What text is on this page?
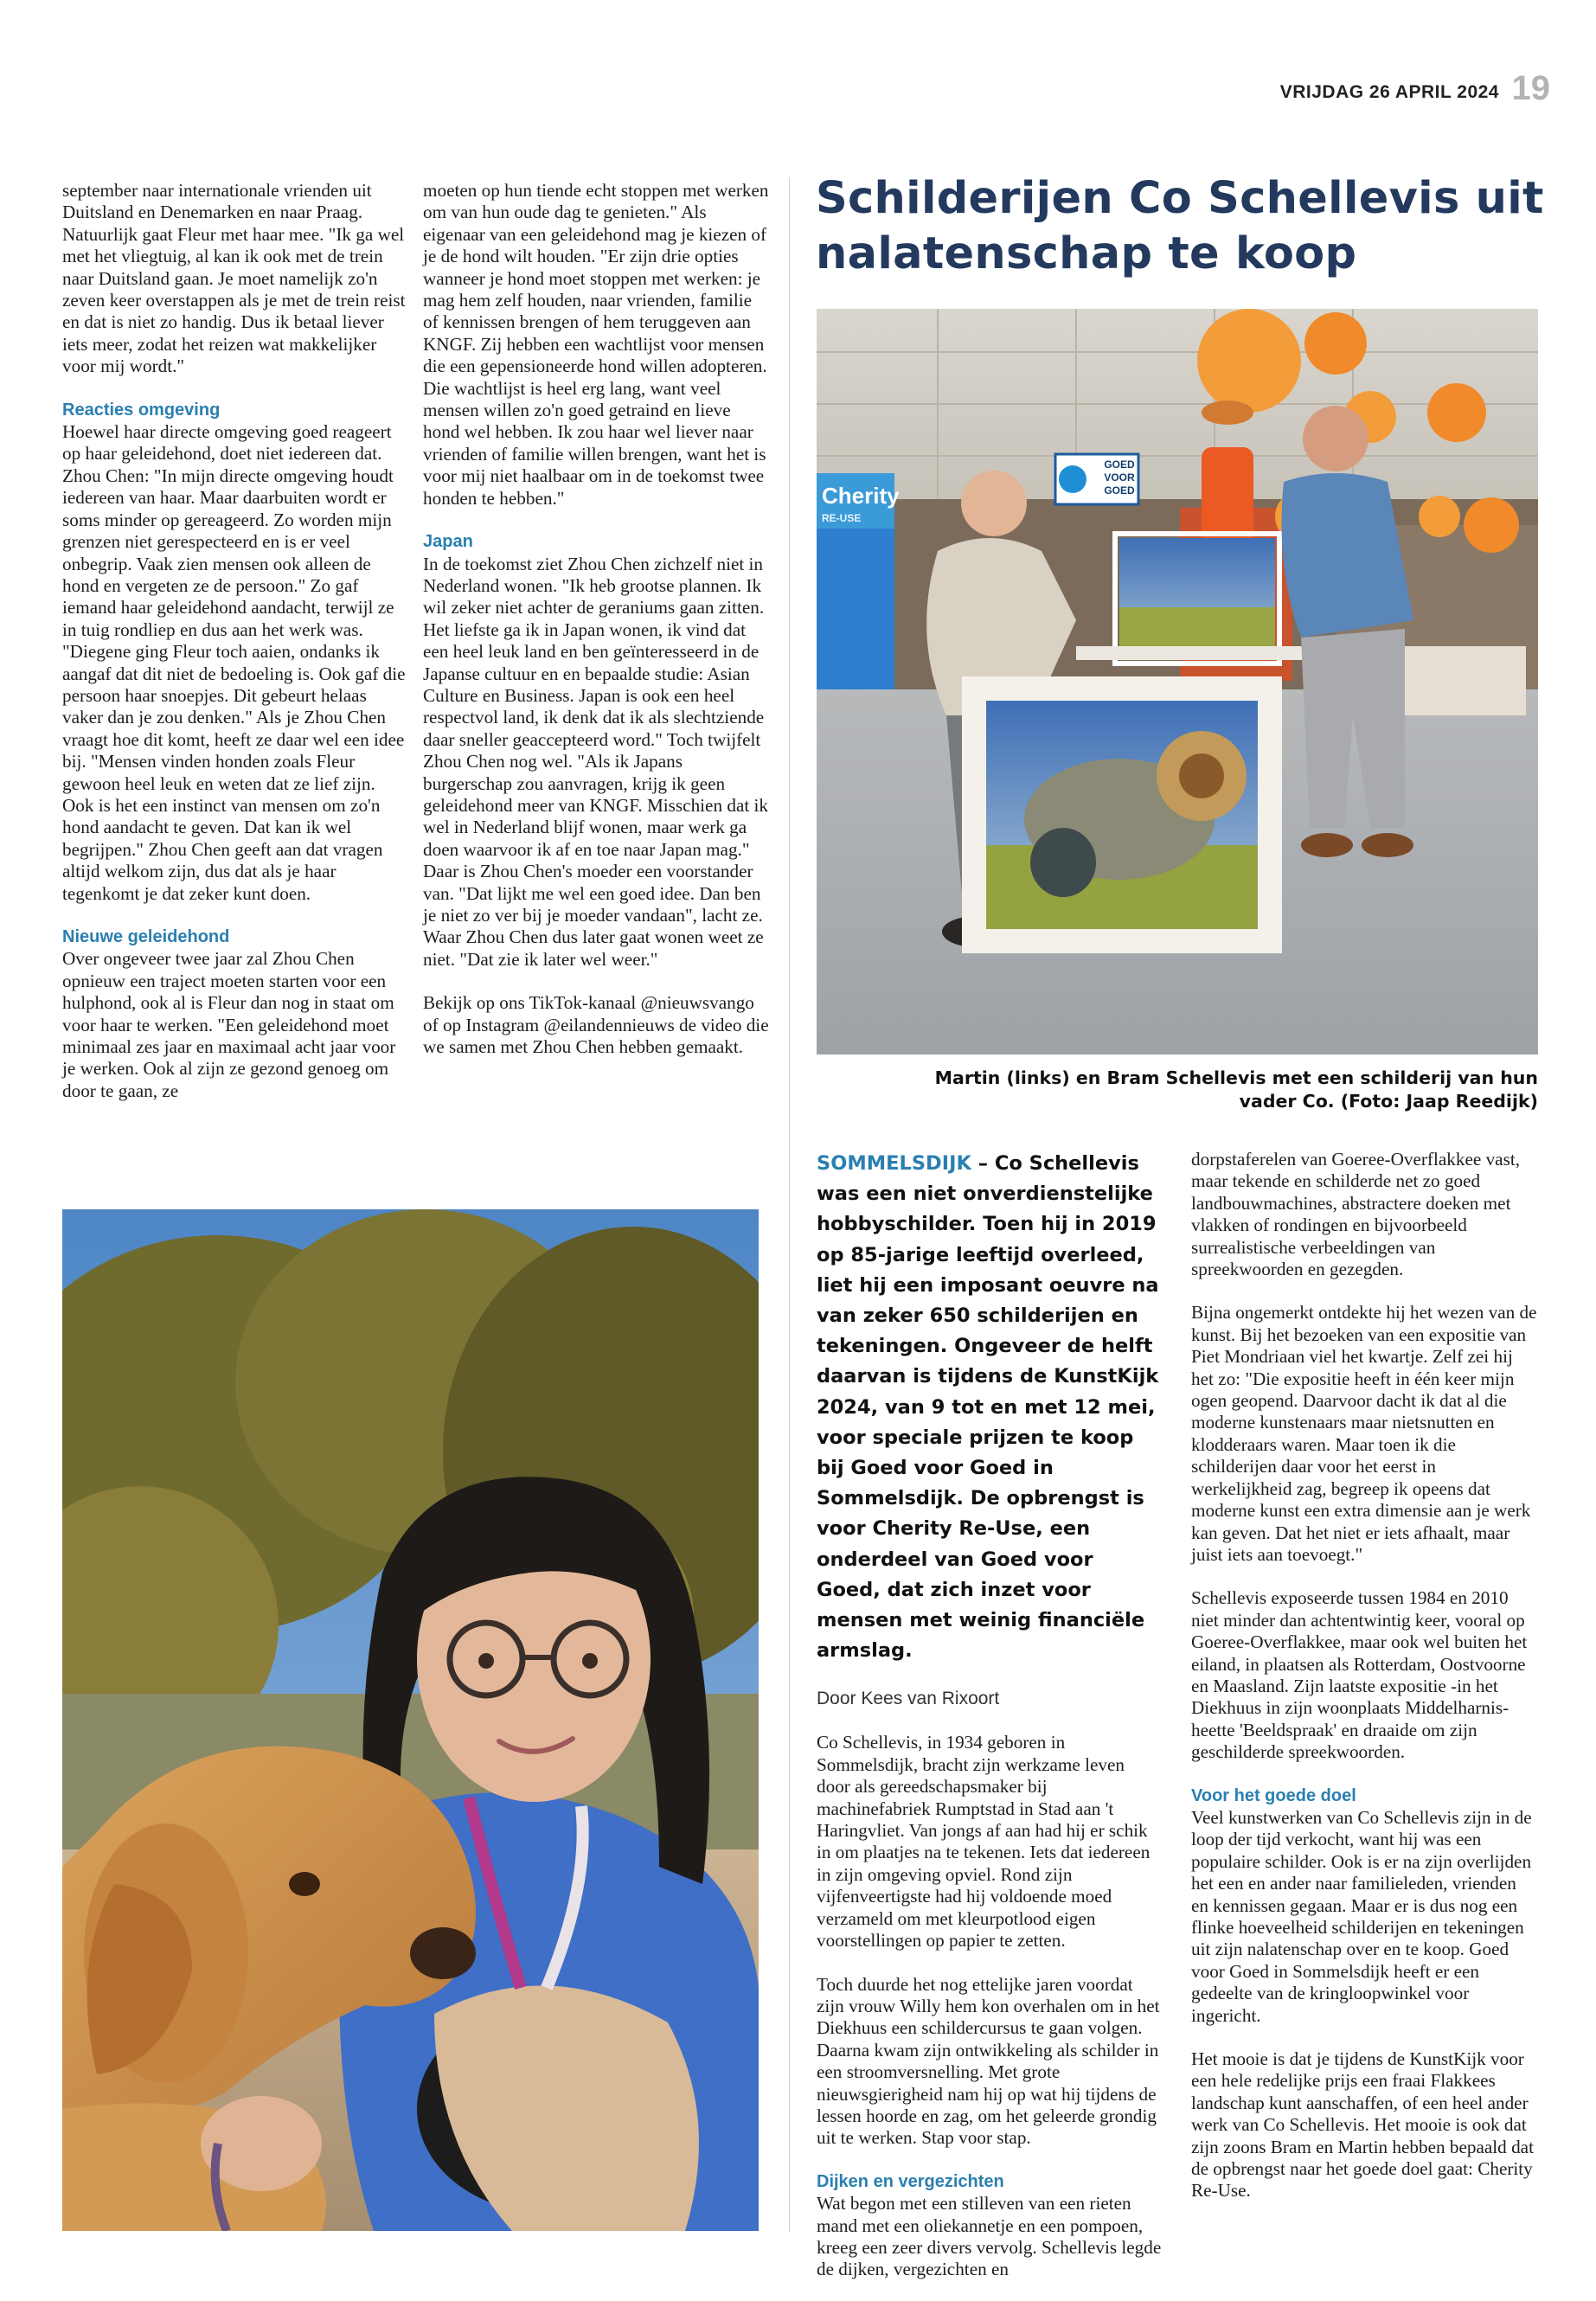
VRIJDAG 26 APRIL 2024 19

september naar internationale vrienden uit Duitsland en Denemarken en naar Praag. Natuurlijk gaat Fleur met haar mee. "Ik ga wel met het vliegtuig, al kan ik ook met de trein naar Duitsland gaan. Je moet namelijk zo'n zeven keer overstappen als je met de trein reist en dat is niet zo handig. Dus ik betaal liever iets meer, zodat het reizen wat makkelijker voor mij wordt."

Reacties omgeving

Hoewel haar directe omgeving goed reageert op haar geleidehond, doet niet iedereen dat. Zhou Chen: "In mijn directe omgeving houdt iedereen van haar. Maar daarbuiten wordt er soms minder op gereageerd. Zo worden mijn grenzen niet gerespecteerd en is er veel onbegrip. Vaak zien mensen ook alleen de hond en vergeten ze de persoon." Zo gaf iemand haar geleidehond aandacht, terwijl ze in tuig rondliep en dus aan het werk was. "Diegene ging Fleur toch aaien, ondanks ik aangaf dat dit niet de bedoeling is. Ook gaf die persoon haar snoepjes. Dit gebeurt helaas vaker dan je zou denken." Als je Zhou Chen vraagt hoe dit komt, heeft ze daar wel een idee bij. "Mensen vinden honden zoals Fleur gewoon heel leuk en weten dat ze lief zijn. Ook is het een instinct van mensen om zo'n hond aandacht te geven. Dat kan ik wel begrijpen." Zhou Chen geeft aan dat vragen altijd welkom zijn, dus dat als je haar tegenkomt je dat zeker kunt doen.

Nieuwe geleidehond

Over ongeveer twee jaar zal Zhou Chen opnieuw een traject moeten starten voor een hulphond, ook al is Fleur dan nog in staat om voor haar te werken. "Een geleidehond moet minimaal zes jaar en maximaal acht jaar voor je werken. Ook al zijn ze gezond genoeg om door te gaan, ze

moeten op hun tiende echt stoppen met werken om van hun oude dag te genieten." Als eigenaar van een geleidehond mag je kiezen of je de hond wilt houden. "Er zijn drie opties wanneer je hond moet stoppen met werken: je mag hem zelf houden, naar vrienden, familie of kennissen brengen of hem teruggeven aan KNGF. Zij hebben een wachtlijst voor mensen die een gepensioneerde hond willen adopteren. Die wachtlijst is heel erg lang, want veel mensen willen zo'n goed getraind en lieve hond wel hebben. Ik zou haar wel liever naar vrienden of familie willen brengen, want het is voor mij niet haalbaar om in de toekomst twee honden te hebben."

Japan

In de toekomst ziet Zhou Chen zichzelf niet in Nederland wonen. "Ik heb grootse plannen. Ik wil zeker niet achter de geraniums gaan zitten. Het liefste ga ik in Japan wonen, ik vind dat een heel leuk land en ben geïnteresseerd in de Japanse cultuur en en bepaalde studie: Asian Culture en Business. Japan is ook een heel respectvol land, ik denk dat ik als slechtziende daar sneller geaccepteerd word." Toch twijfelt Zhou Chen nog wel. "Als ik Japans burgerschap zou aanvragen, krijg ik geen geleidehond meer van KNGF. Misschien dat ik wel in Nederland blijf wonen, maar werk ga doen waarvoor ik af en toe naar Japan mag." Daar is Zhou Chen's moeder een voorstander van. "Dat lijkt me wel een goed idee. Dan ben je niet zo ver bij je moeder vandaan", lacht ze. Waar Zhou Chen dus later gaat wonen weet ze niet. "Dat zie ik later wel weer."

Bekijk op ons TikTok-kanaal @nieuwsvango of op Instagram @eilandennieuws de video die we samen met Zhou Chen hebben gemaakt.

Schilderijen Co Schellevis uit nalatenschap te koop
GOED
VOOR
GOED
Cherity
RE-USE
Martin (links) en Bram Schellevis met een schilderij van hun vader Co. (Foto: Jaap Reedijk)

SOMMELSDIJK – Co Schellevis was een niet onverdienstelijke hobbyschilder. Toen hij in 2019 op 85-jarige leeftijd overleed, liet hij een imposant oeuvre na van zeker 650 schilderijen en tekeningen. Ongeveer de helft daarvan is tijdens de KunstKijk 2024, van 9 tot en met 12 mei, voor speciale prijzen te koop bij Goed voor Goed in Sommelsdijk. De opbrengst is voor Cherity Re-Use, een onderdeel van Goed voor Goed, dat zich inzet voor mensen met weinig financiële armslag.

Door Kees van Rixoort

Co Schellevis, in 1934 geboren in Sommelsdijk, bracht zijn werkzame leven door als gereedschapsmaker bij machinefabriek Rumptstad in Stad aan 't Haringvliet. Van jongs af aan had hij er schik in om plaatjes na te tekenen. Iets dat iedereen in zijn omgeving opviel. Rond zijn vijfenveertigste had hij voldoende moed verzameld om met kleurpotlood eigen voorstellingen op papier te zetten.

Toch duurde het nog ettelijke jaren voordat zijn vrouw Willy hem kon overhalen om in het Diekhuus een schildercursus te gaan volgen. Daarna kwam zijn ontwikkeling als schilder in een stroomversnelling. Met grote nieuwsgierigheid nam hij op wat hij tijdens de lessen hoorde en zag, om het geleerde grondig uit te werken. Stap voor stap.

Dijken en vergezichten

Wat begon met een stilleven van een rieten mand met een oliekannetje en een pompoen, kreeg een zeer divers vervolg. Schellevis legde de dijken, vergezichten en

dorpstaferelen van Goeree-Overflakkee vast, maar tekende en schilderde net zo goed landbouwmachines, abstractere doeken met vlakken of rondingen en bijvoorbeeld surrealistische verbeeldingen van spreekwoorden en gezegden.

Bijna ongemerkt ontdekte hij het wezen van de kunst. Bij het bezoeken van een expositie van Piet Mondriaan viel het kwartje. Zelf zei hij het zo: "Die expositie heeft in één keer mijn ogen geopend. Daarvoor dacht ik dat al die moderne kunstenaars maar nietsnutten en klodderaars waren. Maar toen ik die schilderijen daar voor het eerst in werkelijkheid zag, begreep ik opeens dat moderne kunst een extra dimensie aan je werk kan geven. Dat het niet er iets afhaalt, maar juist iets aan toevoegt."

Schellevis exposeerde tussen 1984 en 2010 niet minder dan achtentwintig keer, vooral op Goeree-Overflakkee, maar ook wel buiten het eiland, in plaatsen als Rotterdam, Oostvoorne en Maasland. Zijn laatste expositie -in het Diekhuus in zijn woonplaats Middelharnis-heette 'Beeldspraak' en draaide om zijn geschilderde spreekwoorden.

Voor het goede doel

Veel kunstwerken van Co Schellevis zijn in de loop der tijd verkocht, want hij was een populaire schilder. Ook is er na zijn overlijden het een en ander naar familieleden, vrienden en kennissen gegaan. Maar er is dus nog een flinke hoeveelheid schilderijen en tekeningen uit zijn nalatenschap over en te koop. Goed voor Goed in Sommelsdijk heeft er een gedeelte van de kringloopwinkel voor ingericht.

Het mooie is dat je tijdens de KunstKijk voor een hele redelijke prijs een fraai Flakkees landschap kunt aanschaffen, of een heel ander werk van Co Schellevis. Het mooie is ook dat zijn zoons Bram en Martin hebben bepaald dat de opbrengst naar het goede doel gaat: Cherity Re-Use.
